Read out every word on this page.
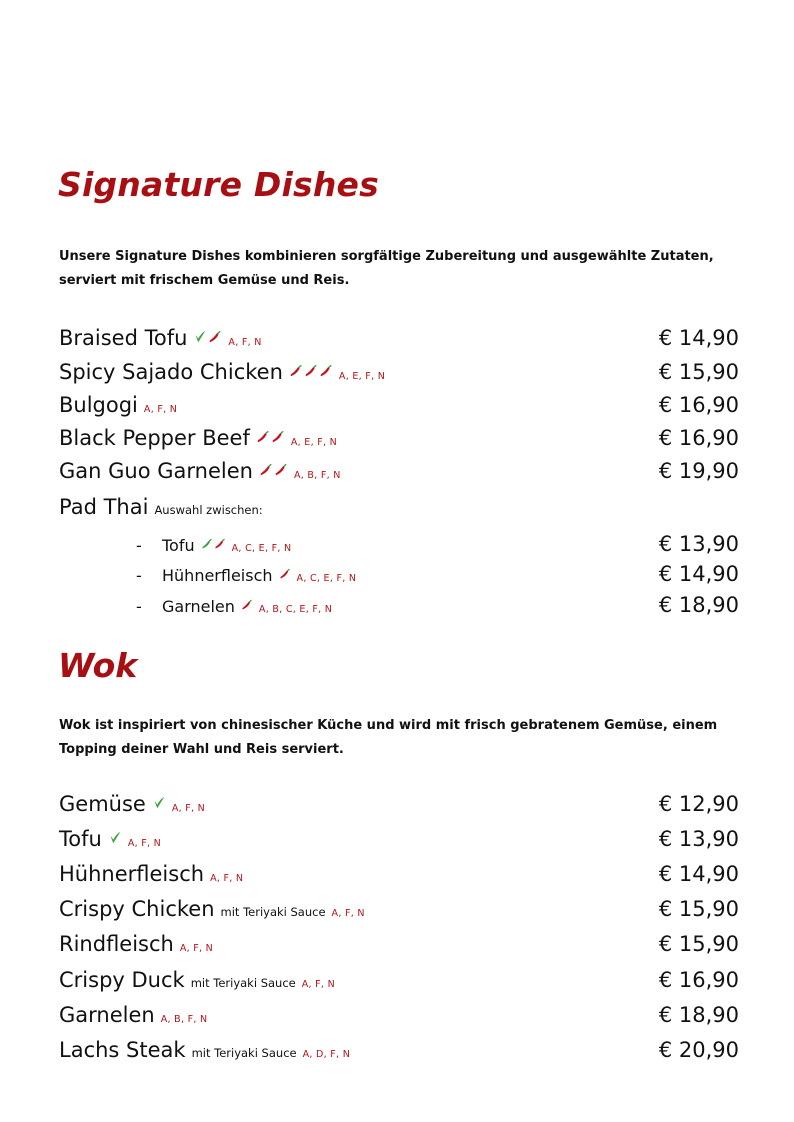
Signature Dishes

Unsere Signature Dishes kombinieren sorgfältige Zubereitung und ausgewählte Zutaten,
serviert mit frischem Gemüse und Reis.

Braised Tofu	A, F, N	€ 14,90
Spicy Sajado Chicken	A, E, F, N	€ 15,90
Bulgogi A, F, N	€ 16,90
Black Pepper Beef	A, E, F, N	€ 16,90
Gan Guo Garnelen	A, B, F, N	€ 19,90
Pad Thai Auswahl zwischen:
- Tofu	A, C, E, F, N	€ 13,90
- Hühnerfleisch	A, C, E, F, N	€ 14,90
- Garnelen	A, B, C, E, F, N	€ 18,90
Wok

Wok ist inspiriert von chinesischer Küche und wird mit frisch gebratenem Gemüse, einem
Topping deiner Wahl und Reis serviert.

Gemüse	A, F, N	€ 12,90
Tofu	A, F, N	€ 13,90
Hühnerfleisch A, F, N	€ 14,90
Crispy Chicken mit Teriyaki Sauce A, F, N	€ 15,90
Rindfleisch A, F, N	€ 15,90
Crispy Duck mit Teriyaki Sauce A, F, N	€ 16,90
Garnelen A, B, F, N	€ 18,90
Lachs Steak mit Teriyaki Sauce A, D, F, N	€ 20,90
